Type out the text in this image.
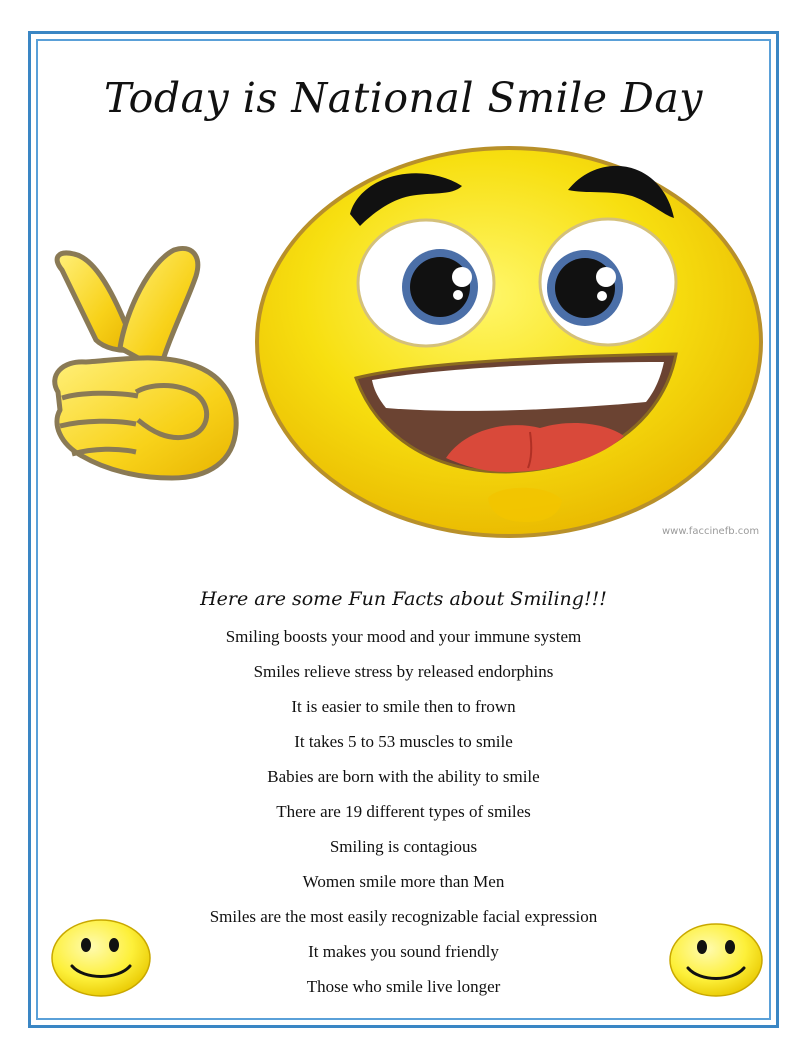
Today is National Smile Day
www.faccinefb.com
Here are some Fun Facts about Smiling!!!
Smiling boosts your mood and your immune system
Smiles relieve stress by released endorphins
It is easier to smile then to frown
It takes 5 to 53 muscles to smile
Babies are born with the ability to smile
There are 19 different types of smiles
Smiling is contagious
Women smile more than Men
Smiles are the most easily recognizable facial expression
It makes you sound friendly
Those who smile live longer
